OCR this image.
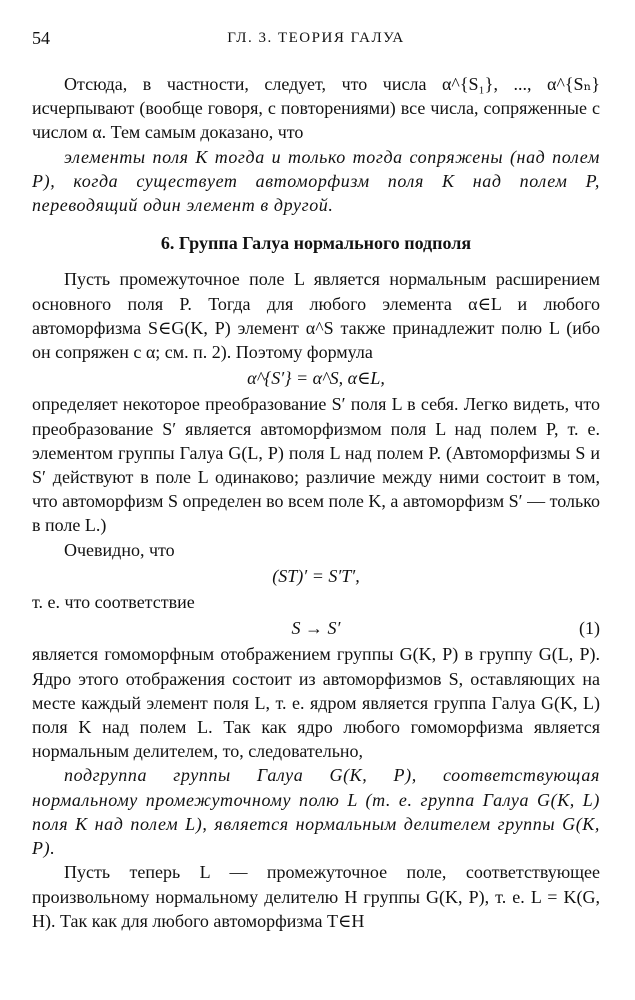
54	ГЛ. 3. ТЕОРИЯ ГАЛУА

Отсюда, в частности, следует, что числа α^{S₁}, ..., α^{Sₙ} исчерпывают (вообще говоря, с повторениями) все числа, сопряженные с числом α. Тем самым доказано, что

элементы поля K тогда и только тогда сопряжены (над полем P), когда существует автоморфизм поля K над полем P, переводящий один элемент в другой.

6. Группа Галуа нормального подполя

Пусть промежуточное поле L является нормальным расширением основного поля P. Тогда для любого элемента α∈L и любого автоморфизма S∈G(K, P) элемент α^S также принадлежит полю L (ибо он сопряжен с α; см. п. 2). Поэтому формула

α^{S′} = α^S, α∈L,

определяет некоторое преобразование S′ поля L в себя. Легко видеть, что преобразование S′ является автоморфизмом поля L над полем P, т. е. элементом группы Галуа G(L, P) поля L над полем P. (Автоморфизмы S и S′ действуют в поле L одинаково; различие между ними состоит в том, что автоморфизм S определен во всем поле K, а автоморфизм S′ — только в поле L.)

Очевидно, что

(ST)′ = S′T′,

т. е. что соответствие

S → S′	(1)

является гомоморфным отображением группы G(K, P) в группу G(L, P). Ядро этого отображения состоит из автоморфизмов S, оставляющих на месте каждый элемент поля L, т. е. ядром является группа Галуа G(K, L) поля K над полем L. Так как ядро любого гомоморфизма является нормальным делителем, то, следовательно,

подгруппа группы Галуа G(K, P), соответствующая нормальному промежуточному полю L (т. е. группа Галуа G(K, L) поля K над полем L), является нормальным делителем группы G(K, P).

Пусть теперь L — промежуточное поле, соответствующее произвольному нормальному делителю H группы G(K, P), т. е. L = K(G, H). Так как для любого автоморфизма T∈H
